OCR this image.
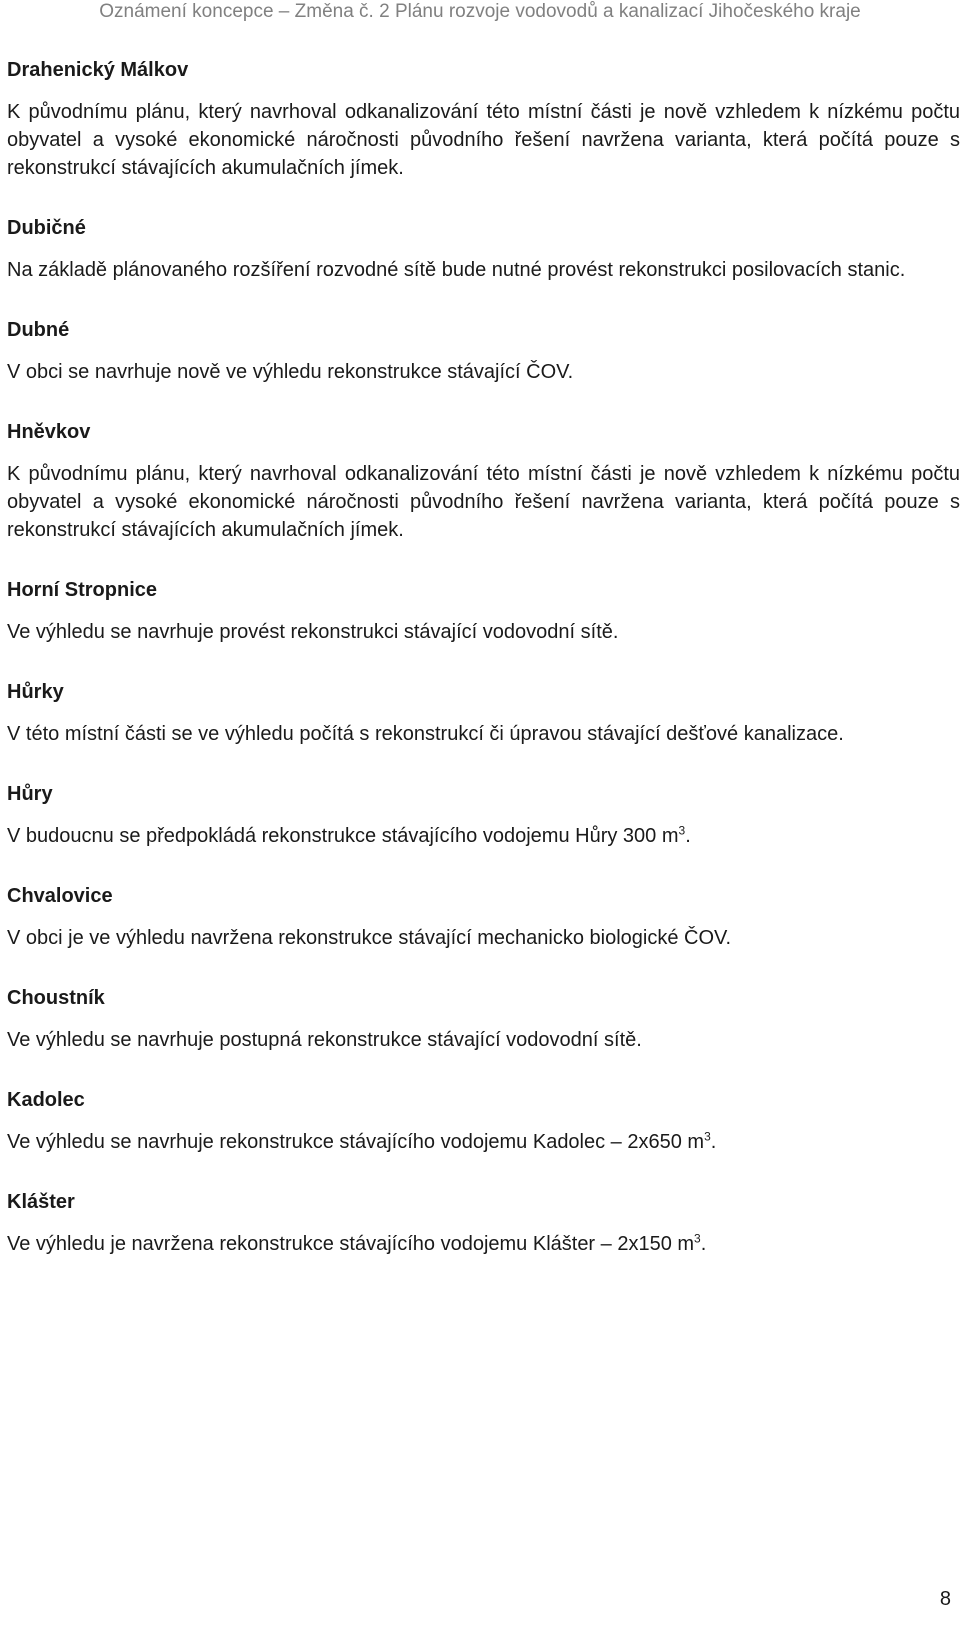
Oznámení koncepce – Změna č. 2 Plánu rozvoje vodovodů a kanalizací Jihočeského kraje

Drahenický Málkov

K původnímu plánu, který navrhoval odkanalizování této místní části je nově vzhledem k nízkému počtu obyvatel a vysoké ekonomické náročnosti původního řešení navržena varianta, která počítá pouze s rekonstrukcí stávajících akumulačních jímek.

Dubičné

Na základě plánovaného rozšíření rozvodné sítě bude nutné provést rekonstrukci posilovacích stanic.

Dubné

V obci se navrhuje nově ve výhledu rekonstrukce stávající ČOV.

Hněvkov

K původnímu plánu, který navrhoval odkanalizování této místní části je nově vzhledem k nízkému počtu obyvatel a vysoké ekonomické náročnosti původního řešení navržena varianta, která počítá pouze s rekonstrukcí stávajících akumulačních jímek.

Horní Stropnice

Ve výhledu se navrhuje provést rekonstrukci stávající vodovodní sítě.

Hůrky

V této místní části se ve výhledu počítá s rekonstrukcí či úpravou stávající dešťové kanalizace.

Hůry

V budoucnu se předpokládá rekonstrukce stávajícího vodojemu Hůry 300 $m^3$.

Chvalovice

V obci je ve výhledu navržena rekonstrukce stávající mechanicko biologické ČOV.

Choustník

Ve výhledu se navrhuje postupná rekonstrukce stávající vodovodní sítě.

Kadolec

Ve výhledu se navrhuje rekonstrukce stávajícího vodojemu Kadolec – 2x650 $m^3$.

Klášter

Ve výhledu je navržena rekonstrukce stávajícího vodojemu Klášter – 2x150 $m^3$.

8
